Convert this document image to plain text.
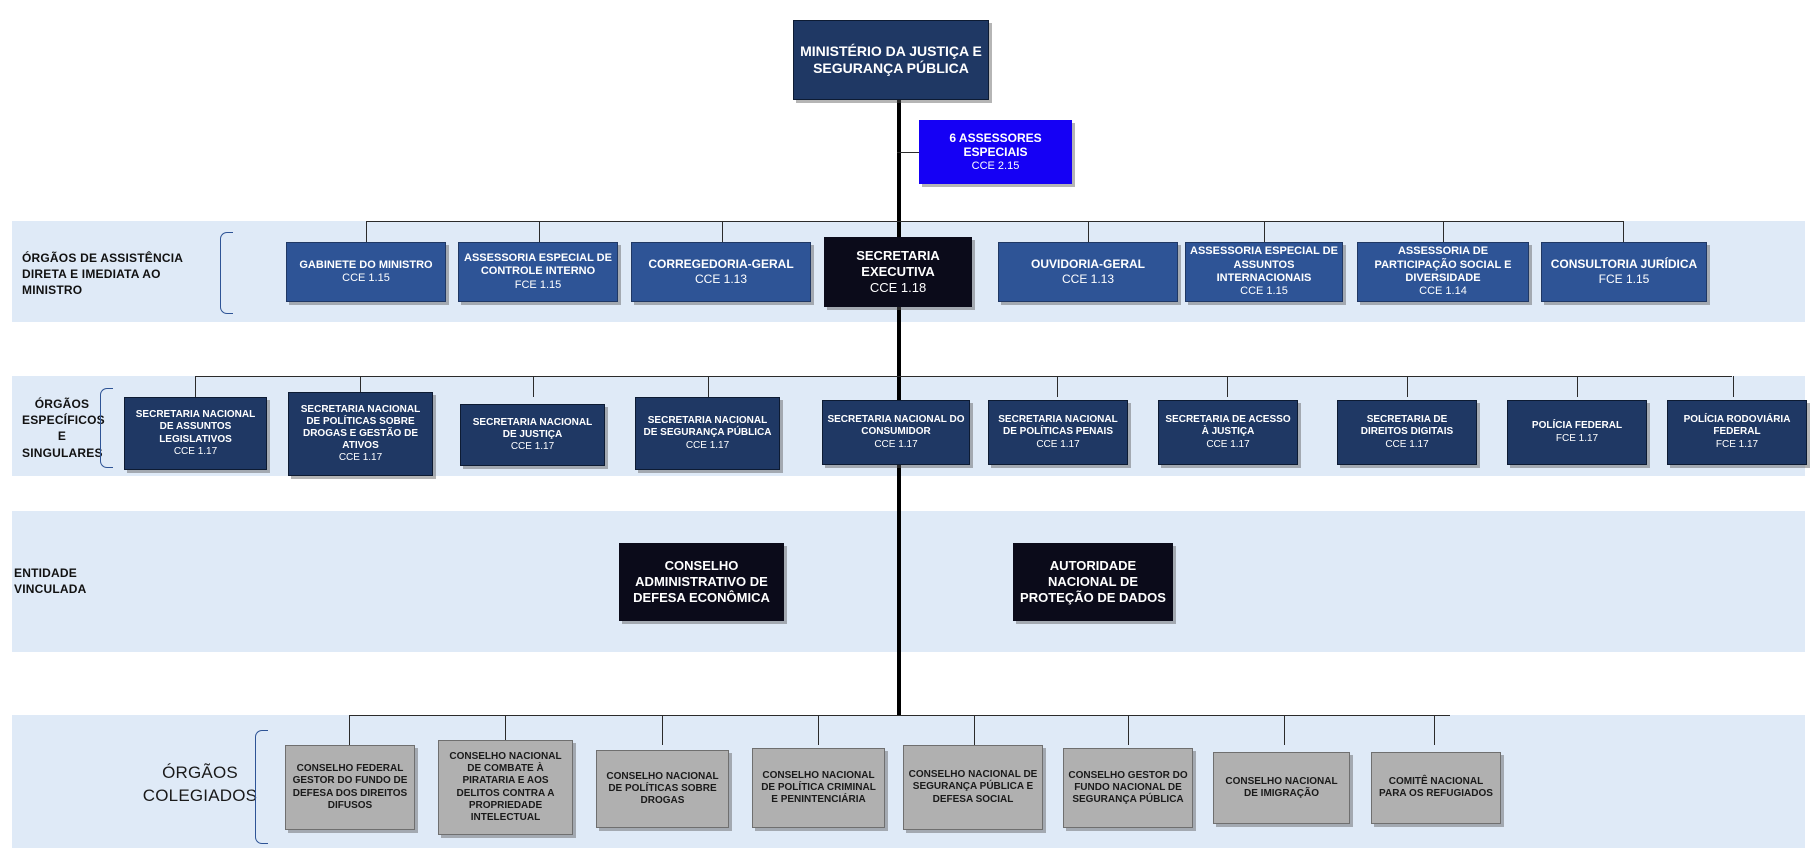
ÓRGÃOS DE ASSISTÊNCIA DIRETA E IMEDIATA AO MINISTRO
ÓRGÃOS ESPECÍFICOS E SINGULARES
ENTIDADE VINCULADA
ÓRGÃOS COLEGIADOS
MINISTÉRIO DA JUSTIÇA E SEGURANÇA PÚBLICA
6 ASSESSORES
ESPECIAIS
CCE 2.15
GABINETE DO MINISTRO
CCE 1.15
ASSESSORIA ESPECIAL DE CONTROLE INTERNO
FCE 1.15
CORREGEDORIA-GERAL
CCE 1.13
SECRETARIA EXECUTIVA
CCE 1.18
OUVIDORIA-GERAL
CCE 1.13
ASSESSORIA ESPECIAL DE ASSUNTOS INTERNACIONAIS
CCE 1.15
ASSESSORIA DE PARTICIPAÇÃO SOCIAL E DIVERSIDADE
CCE 1.14
CONSULTORIA JURÍDICA
FCE 1.15
SECRETARIA NACIONAL DE ASSUNTOS LEGISLATIVOS
CCE 1.17
SECRETARIA NACIONAL DE POLÍTICAS SOBRE DROGAS E GESTÃO DE ATIVOS
CCE 1.17
SECRETARIA NACIONAL DE JUSTIÇA
CCE 1.17
SECRETARIA NACIONAL DE SEGURANÇA PÚBLICA
CCE 1.17
SECRETARIA NACIONAL DO CONSUMIDOR
CCE 1.17
SECRETARIA NACIONAL DE POLÍTICAS PENAIS
CCE 1.17
SECRETARIA DE ACESSO À JUSTIÇA
CCE 1.17
SECRETARIA DE DIREITOS DIGITAIS
CCE 1.17
POLÍCIA FEDERAL
FCE 1.17
POLÍCIA RODOVIÁRIA FEDERAL
FCE 1.17
CONSELHO ADMINISTRATIVO DE DEFESA ECONÔMICA
AUTORIDADE NACIONAL DE PROTEÇÃO DE DADOS
CONSELHO FEDERAL GESTOR DO FUNDO DE DEFESA DOS DIREITOS DIFUSOS
CONSELHO NACIONAL DE COMBATE À PIRATARIA E AOS DELITOS CONTRA A PROPRIEDADE INTELECTUAL
CONSELHO NACIONAL DE POLÍTICAS SOBRE DROGAS
CONSELHO NACIONAL DE POLÍTICA CRIMINAL E PENINTENCIÁRIA
CONSELHO NACIONAL DE SEGURANÇA PÚBLICA E DEFESA SOCIAL
CONSELHO GESTOR DO FUNDO NACIONAL DE SEGURANÇA PÚBLICA
CONSELHO NACIONAL DE IMIGRAÇÃO
COMITÊ NACIONAL PARA OS REFUGIADOS
